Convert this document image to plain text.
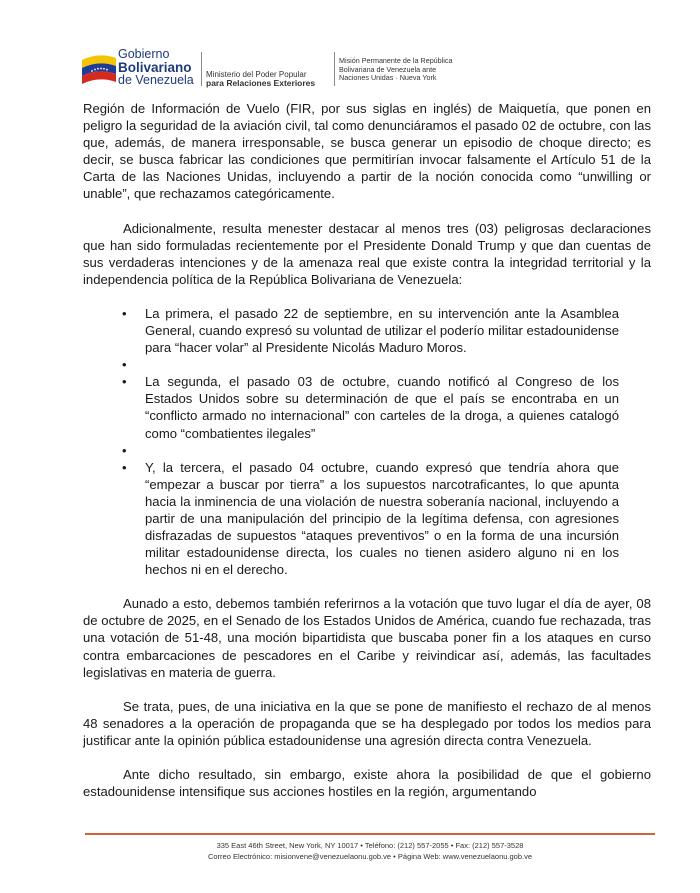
Gobierno
Bolivariano
de Venezuela	Ministerio del Poder Popular
para Relaciones Exteriores
Misión Permanente de la República
Bolivariana de Venezuela ante
Naciones Unidas · Nueva York

Región de Información de Vuelo (FIR, por sus siglas en inglés) de Maiquetía, que ponen en peligro la seguridad de la aviación civil, tal como denunciáramos el pasado 02 de octubre, con las que, además, de manera irresponsable, se busca generar un episodio de choque directo; es decir, se busca fabricar las condiciones que permitirían invocar falsamente el Artículo 51 de la Carta de las Naciones Unidas, incluyendo a partir de la noción conocida como “unwilling or unable”, que rechazamos categóricamente.

Adicionalmente, resulta menester destacar al menos tres (03) peligrosas declaraciones que han sido formuladas recientemente por el Presidente Donald Trump y que dan cuentas de sus verdaderas intenciones y de la amenaza real que existe contra la integridad territorial y la independencia política de la República Bolivariana de Venezuela:

• La primera, el pasado 22 de septiembre, en su intervención ante la Asamblea General, cuando expresó su voluntad de utilizar el poderío militar estadounidense para “hacer volar” al Presidente Nicolás Maduro Moros.
•
• La segunda, el pasado 03 de octubre, cuando notificó al Congreso de los Estados Unidos sobre su determinación de que el país se encontraba en un “conflicto armado no internacional” con carteles de la droga, a quienes catalogó como “combatientes ilegales”
•
• Y, la tercera, el pasado 04 octubre, cuando expresó que tendría ahora que “empezar a buscar por tierra” a los supuestos narcotraficantes, lo que apunta hacia la inminencia de una violación de nuestra soberanía nacional, incluyendo a partir de una manipulación del principio de la legítima defensa, con agresiones disfrazadas de supuestos “ataques preventivos” o en la forma de una incursión militar estadounidense directa, los cuales no tienen asidero alguno ni en los hechos ni en el derecho.

Aunado a esto, debemos también referirnos a la votación que tuvo lugar el día de ayer, 08 de octubre de 2025, en el Senado de los Estados Unidos de América, cuando fue rechazada, tras una votación de 51-48, una moción bipartidista que buscaba poner fin a los ataques en curso contra embarcaciones de pescadores en el Caribe y reivindicar así, además, las facultades legislativas en materia de guerra.

Se trata, pues, de una iniciativa en la que se pone de manifiesto el rechazo de al menos 48 senadores a la operación de propaganda que se ha desplegado por todos los medios para justificar ante la opinión pública estadounidense una agresión directa contra Venezuela.

Ante dicho resultado, sin embargo, existe ahora la posibilidad de que el gobierno estadounidense intensifique sus acciones hostiles en la región, argumentando

335 East 46th Street, New York, NY 10017 • Teléfono: (212) 557-2055 • Fax: (212) 557-3528
Correo Electrónico: misionvene@venezuelaonu.gob.ve • Página Web: www.venezuelaonu.gob.ve
